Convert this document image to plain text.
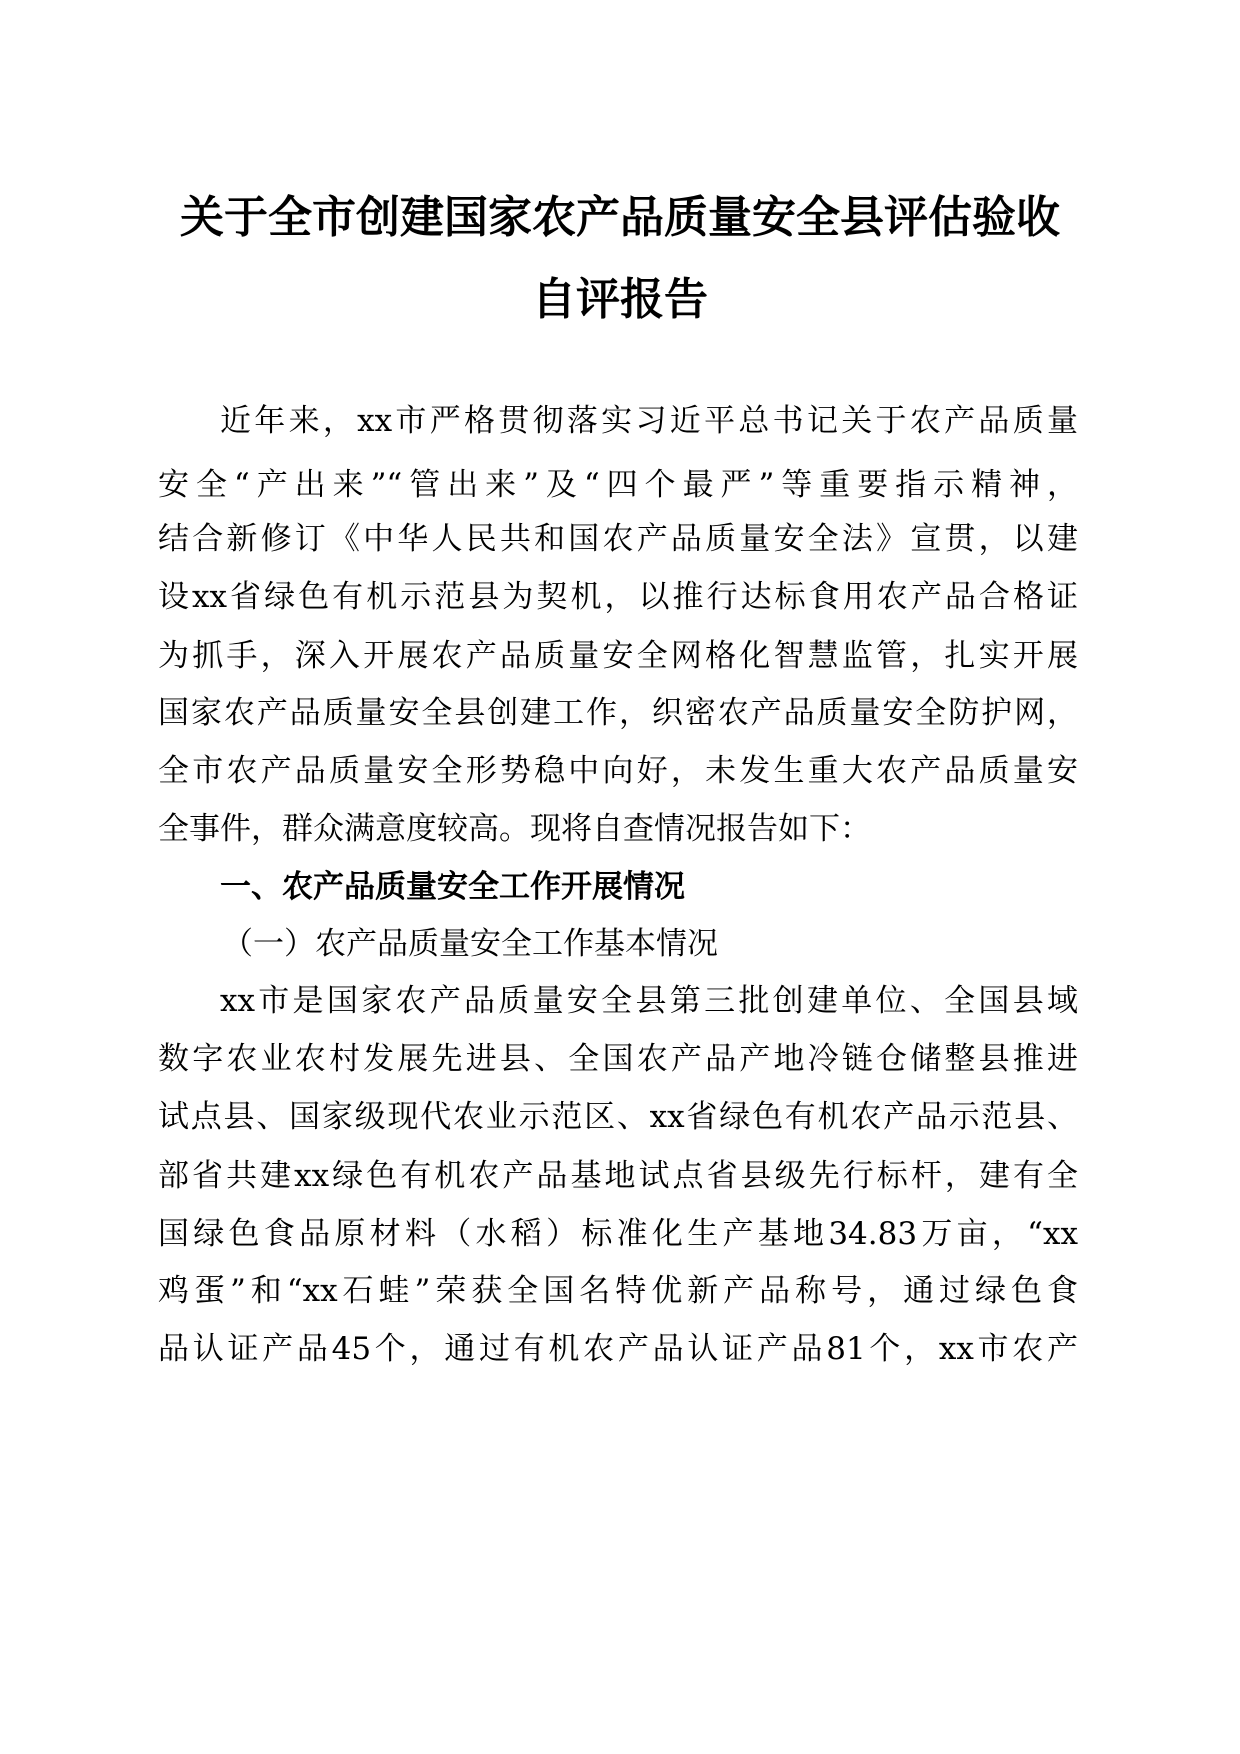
关于全市创建国家农产品质量安全县评估验收
自评报告
近年来，xx市严格贯彻落实习近平总书记关于农产品质量
安全“产出来”“管出来”及“四个最严”等重要指示精神，
结合新修订《中华人民共和国农产品质量安全法》宣贯，以建
设xx省绿色有机示范县为契机，以推行达标食用农产品合格证
为抓手，深入开展农产品质量安全网格化智慧监管，扎实开展
国家农产品质量安全县创建工作，织密农产品质量安全防护网，
全市农产品质量安全形势稳中向好，未发生重大农产品质量安
全事件，群众满意度较高。现将自查情况报告如下：
一、农产品质量安全工作开展情况
（一）农产品质量安全工作基本情况
xx市是国家农产品质量安全县第三批创建单位、全国县域
数字农业农村发展先进县、全国农产品产地冷链仓储整县推进
试点县、国家级现代农业示范区、xx省绿色有机农产品示范县、
部省共建xx绿色有机农产品基地试点省县级先行标杆，建有全
国绿色食品原材料（水稻）标准化生产基地34.83万亩，“xx
鸡蛋”和“xx石蛙”荣获全国名特优新产品称号，通过绿色食
品认证产品45个，通过有机农产品认证产品81个，xx市农产
